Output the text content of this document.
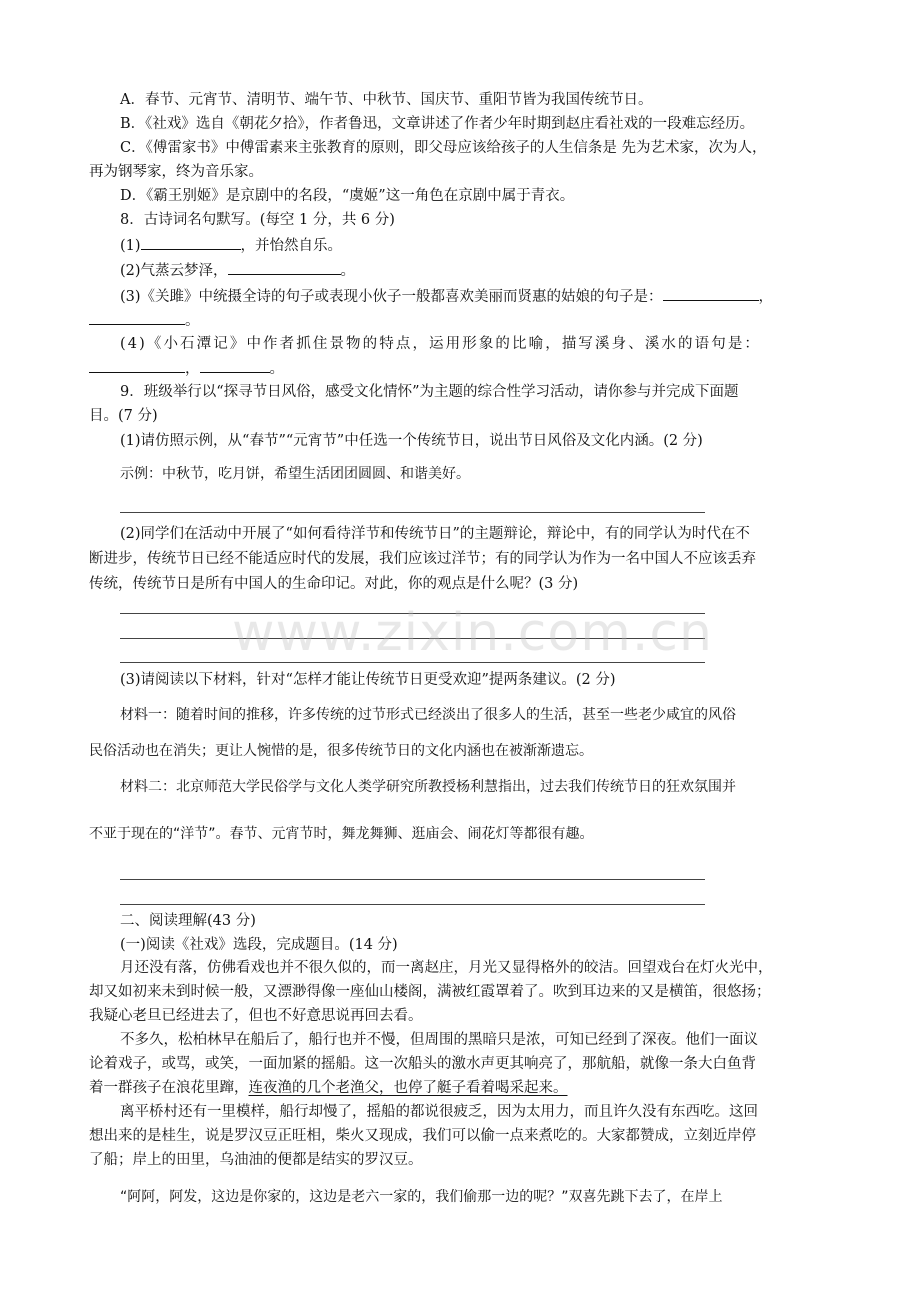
A．春节、元宵节、清明节、端午节、中秋节、国庆节、重阳节皆为我国传统节日。
B．《社戏》选自《朝花夕拾》，作者鲁迅，文章讲述了作者少年时期到赵庄看社戏的一段难忘经历。
C．《傅雷家书》中傅雷素来主张教育的原则，即父母应该给孩子的人生信条是 先为艺术家，次为人，
再为钢琴家，终为音乐家。
D．《霸王别姬》是京剧中的名段，“虞姬”这一角色在京剧中属于青衣。
8．古诗词名句默写。(每空 1 分，共 6 分)
(1)	，并怡然自乐。
(2)气蒸云梦泽，	。
(3)《关雎》中统摄全诗的句子或表现小伙子一般都喜欢美丽而贤惠的姑娘的句子是：	，
。
(4)《小石潭记》中作者抓住景物的特点，运用形象的比喻，描写溪身、溪水的语句是：
，	。
9．班级举行以“探寻节日风俗，感受文化情怀”为主题的综合性学习活动，请你参与并完成下面题
目。(7 分)
(1)请仿照示例，从“春节”“元宵节”中任选一个传统节日，说出节日风俗及文化内涵。(2 分)
示例：中秋节，吃月饼，希望生活团团圆圆、和谐美好。
(2)同学们在活动中开展了“如何看待洋节和传统节日”的主题辩论，辩论中，有的同学认为时代在不
断进步，传统节日已经不能适应时代的发展，我们应该过洋节；有的同学认为作为一名中国人不应该丢弃
传统，传统节日是所有中国人的生命印记。对此，你的观点是什么呢？(3 分)
(3)请阅读以下材料，针对“怎样才能让传统节日更受欢迎”提两条建议。(2 分)
材料一：随着时间的推移，许多传统的过节形式已经淡出了很多人的生活，甚至一些老少咸宜的风俗
民俗活动也在消失；更让人惋惜的是，很多传统节日的文化内涵也在被渐渐遗忘。
材料二：北京师范大学民俗学与文化人类学研究所教授杨利慧指出，过去我们传统节日的狂欢氛围并
不亚于现在的“洋节”。春节、元宵节时，舞龙舞狮、逛庙会、闹花灯等都很有趣。
二、阅读理解(43 分)
(一)阅读《社戏》选段，完成题目。(14 分)
月还没有落，仿佛看戏也并不很久似的，而一离赵庄，月光又显得格外的皎洁。回望戏台在灯火光中，
却又如初来未到时候一般，又漂渺得像一座仙山楼阁，满被红霞罩着了。吹到耳边来的又是横笛，很悠扬；
我疑心老旦已经进去了，但也不好意思说再回去看。
不多久，松柏林早在船后了，船行也并不慢，但周围的黑暗只是浓，可知已经到了深夜。他们一面议
论着戏子，或骂，或笑，一面加紧的摇船。这一次船头的激水声更其响亮了，那航船，就像一条大白鱼背
着一群孩子在浪花里蹿，连夜渔的几个老渔父，也停了艇子看着喝采起来。
离平桥村还有一里模样，船行却慢了，摇船的都说很疲乏，因为太用力，而且许久没有东西吃。这回
想出来的是桂生，说是罗汉豆正旺相，柴火又现成，我们可以偷一点来煮吃的。大家都赞成，立刻近岸停
了船；岸上的田里，乌油油的便都是结实的罗汉豆。
“阿阿，阿发，这边是你家的，这边是老六一家的，我们偷那一边的呢？”双喜先跳下去了，在岸上
www.zixin.com.cn
